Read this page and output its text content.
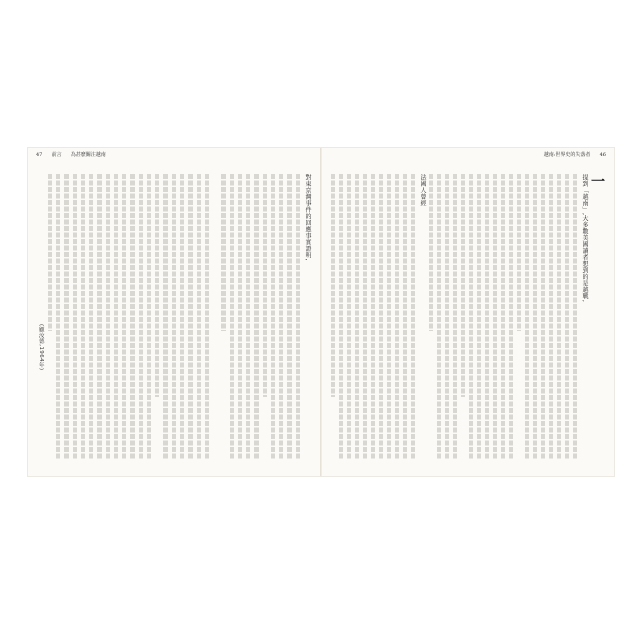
47 前言 為甚麼關注越南
對東京灣事件的回應事實證明,
(顧汝德,1964年)
越南:世界史的失落者 46
一
提到「越南」,大多數美國讀者想到的是越戰,
法國人曾經
